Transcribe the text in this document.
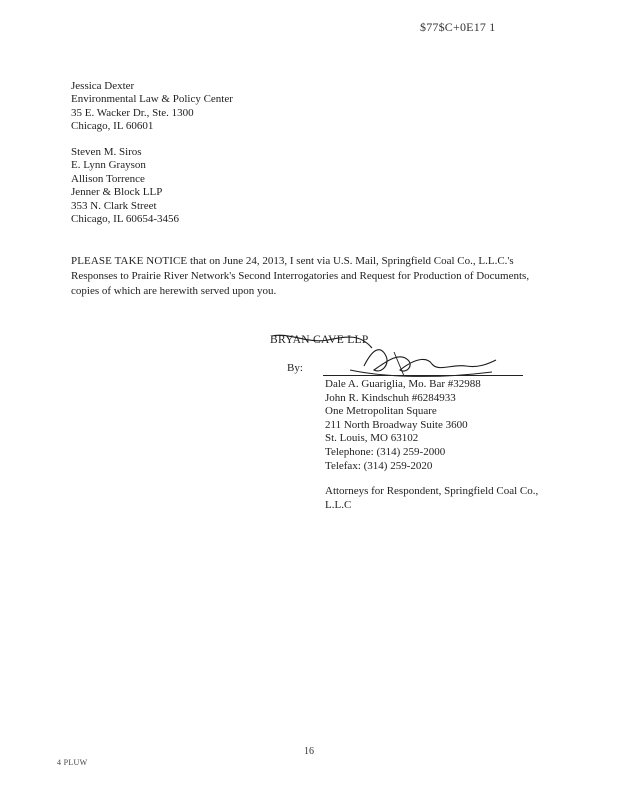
$77$C+0E17 1
Jessica Dexter
Environmental Law & Policy Center
35 E. Wacker Dr., Ste. 1300
Chicago, IL 60601
Steven M. Siros
E. Lynn Grayson
Allison Torrence
Jenner & Block LLP
353 N. Clark Street
Chicago, IL 60654-3456
PLEASE TAKE NOTICE that on June 24, 2013, I sent via U.S. Mail, Springfield Coal Co., L.L.C.'s Responses to Prairie River Network's Second Interrogatories and Request for Production of Documents, copies of which are herewith served upon you.
BRYAN CAVE LLP
By:
Dale A. Guariglia, Mo. Bar #32988
John R. Kindschuh #6284933
One Metropolitan Square
211 North Broadway Suite 3600
St. Louis, MO 63102
Telephone: (314) 259-2000
Telefax: (314) 259-2020
Attorneys for Respondent, Springfield Coal Co., L.L.C
16
4 PLUW
